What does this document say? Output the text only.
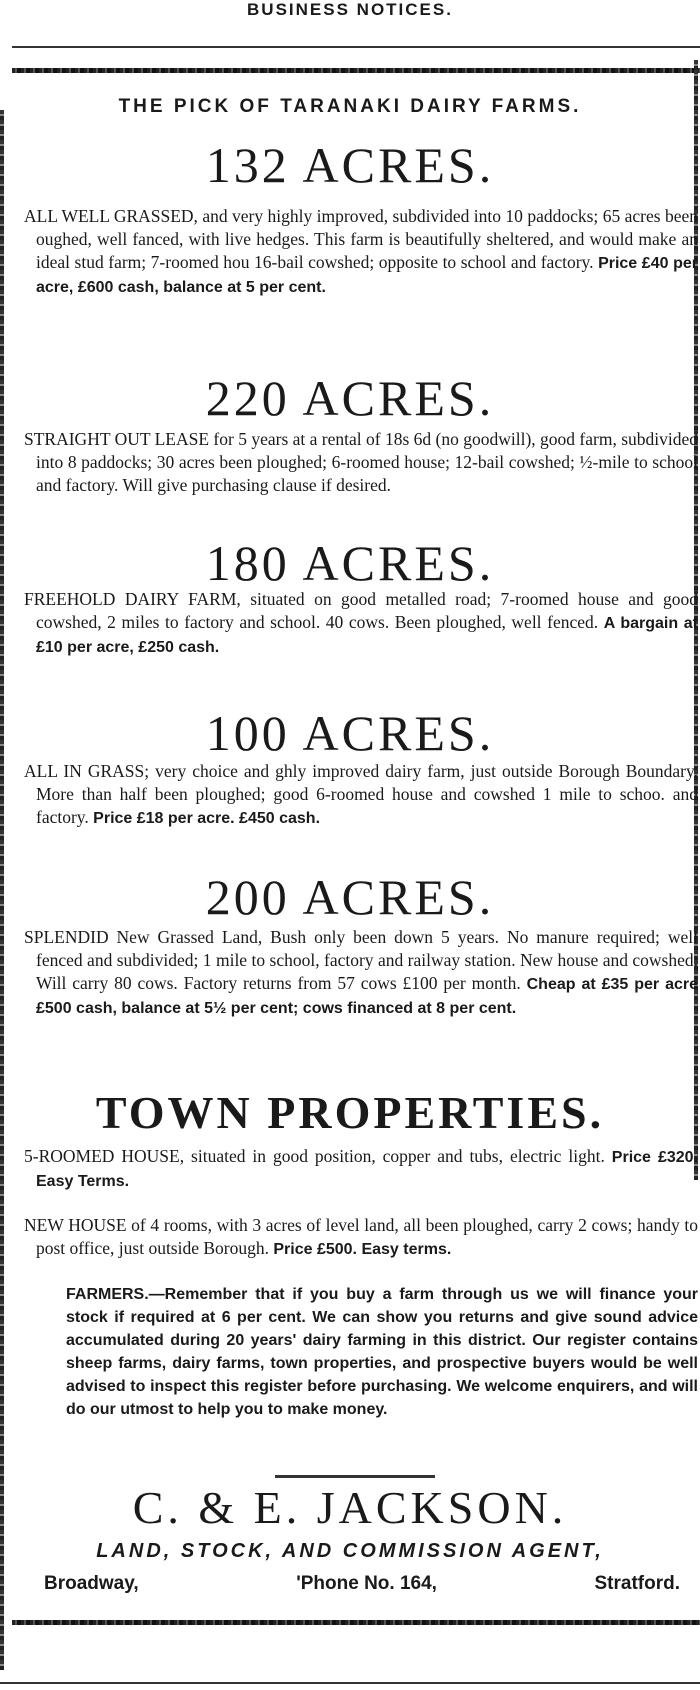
BUSINESS NOTICES.
THE PICK OF TARANAKI DAIRY FARMS.
132 ACRES.
ALL WELL GRASSED, and very highly improved, subdivided into 10 paddocks; 65 acres been oughed, well fanced, with live hedges. This farm is beautifully sheltered, and would make an ideal stud farm; 7-roomed hou 16-bail cowshed; opposite to school and factory. Price £40 per acre, £600 cash, balance at 5 per cent.
220 ACRES.
STRAIGHT OUT LEASE for 5 years at a rental of 18s 6d (no goodwill), good farm, subdivided into 8 paddocks; 30 acres been ploughed; 6-roomed house; 12-bail cowshed; ½-mile to school and factory. Will give purchasing clause if desired.
180 ACRES.
FREEHOLD DAIRY FARM, situated on good metalled road; 7-roomed house and good cowshed, 2 miles to factory and school. 40 cows. Been ploughed, well fenced. A bargain at £10 per acre, £250 cash.
100 ACRES.
ALL IN GRASS; very choice and ghly improved dairy farm, just outside Borough Boundary. More than half been ploughed; good 6-roomed house and cowshed 1 mile to schoo. and factory. Price £18 per acre. £450 cash.
200 ACRES.
SPLENDID New Grassed Land, Bush only been down 5 years. No manure required; well fenced and subdivided; 1 mile to school, factory and railway station. New house and cowshed. Will carry 80 cows. Factory returns from 57 cows £100 per month. Cheap at £35 per acre £500 cash, balance at 5½ per cent; cows financed at 8 per cent.
TOWN PROPERTIES.
5-ROOMED HOUSE, situated in good position, copper and tubs, electric light. Price £320. Easy Terms.
NEW HOUSE of 4 rooms, with 3 acres of level land, all been ploughed, carry 2 cows; handy to post office, just outside Borough. Price £500. Easy terms.
FARMERS.—Remember that if you buy a farm through us we will finance your stock if required at 6 per cent. We can show you returns and give sound advice accumulated during 20 years' dairy farming in this district. Our register contains sheep farms, dairy farms, town properties, and prospective buyers would be well advised to inspect this register before purchasing. We welcome enquirers, and will do our utmost to help you to make money.
C. & E. JACKSON.
LAND, STOCK, AND COMMISSION AGENT,
Broadway,	'Phone No. 164,	Stratford.
